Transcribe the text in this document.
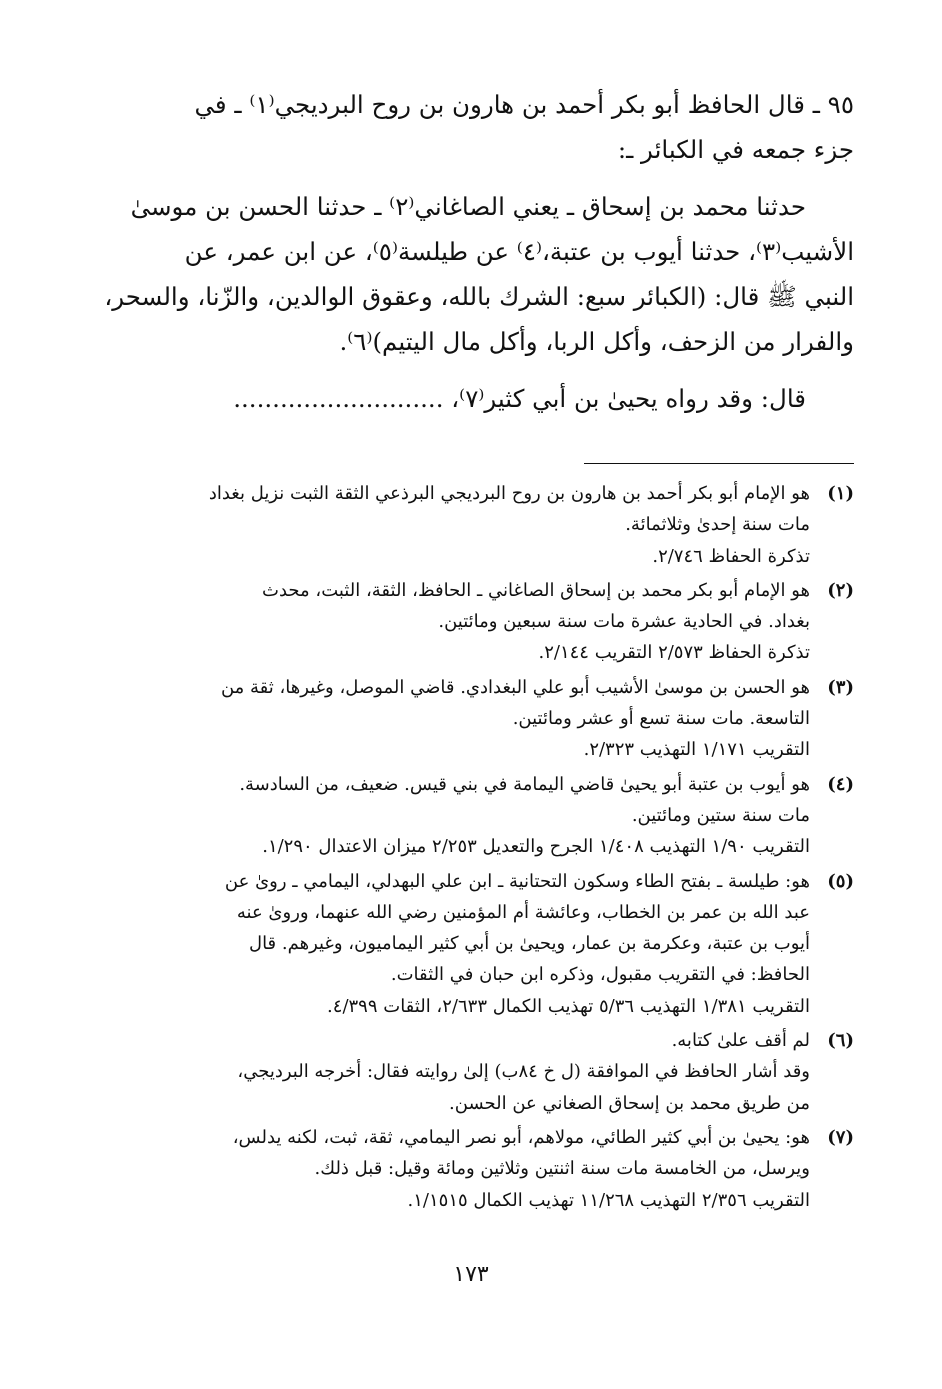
٩٥ ـ قال الحافظ أبو بكر أحمد بن هارون بن روح البرديجي⁽١⁾ ـ في
جزء جمعه في الكبائر ـ:

حدثنا محمد بن إسحاق ـ يعني الصاغاني⁽٢⁾ ـ حدثنا الحسن بن موسىٰ
الأشيب⁽٣⁾، حدثنا أيوب بن عتبة،⁽٤⁾ عن طيلسة⁽٥⁾، عن ابن عمر، عن
النبي ﷺ قال: (الكبائر سبع: الشرك بالله، وعقوق الوالدين، والزّنا، والسحر،
والفرار من الزحف، وأكل الربا، وأكل مال اليتيم)⁽٦⁾.

قال: وقد رواه يحيىٰ بن أبي كثير⁽٧⁾، ...........................

(١)
هو الإمام أبو بكر أحمد بن هارون بن روح البرديجي البرذعي الثقة الثبت نزيل بغداد
مات سنة إحدىٰ وثلاثمائة.
تذكرة الحفاظ ٢/٧٤٦.
(٢)
هو الإمام أبو بكر محمد بن إسحاق الصاغاني ـ الحافظ، الثقة، الثبت، محدث
بغداد. في الحادية عشرة مات سنة سبعين ومائتين.
تذكرة الحفاظ ٢/٥٧٣ التقريب ٢/١٤٤.
(٣)
هو الحسن بن موسىٰ الأشيب أبو علي البغدادي. قاضي الموصل، وغيرها، ثقة من
التاسعة. مات سنة تسع أو عشر ومائتين.
التقريب ١/١٧١ التهذيب ٢/٣٢٣.
(٤)
هو أيوب بن عتبة أبو يحيىٰ قاضي اليمامة في بني قيس. ضعيف، من السادسة.
مات سنة ستين ومائتين.
التقريب ١/٩٠ التهذيب ١/٤٠٨ الجرح والتعديل ٢/٢٥٣ ميزان الاعتدال ١/٢٩٠.
(٥)
هو: طيلسة ـ بفتح الطاء وسكون التحتانية ـ ابن علي البهدلي، اليمامي ـ روىٰ عن
عبد الله بن عمر بن الخطاب، وعائشة أم المؤمنين رضي الله عنهما، وروىٰ عنه
أيوب بن عتبة، وعكرمة بن عمار، ويحيىٰ بن أبي كثير اليماميون، وغيرهم. قال
الحافظ: في التقريب مقبول، وذكره ابن حبان في الثقات.
التقريب ١/٣٨١ التهذيب ٥/٣٦ تهذيب الكمال ٢/٦٣٣، الثقات ٤/٣٩٩.
(٦)
لم أقف علىٰ كتابه.
وقد أشار الحافظ في الموافقة (ل خ ٨٤ب) إلىٰ روايته فقال: أخرجه البرديجي،
من طريق محمد بن إسحاق الصغاني عن الحسن.
(٧)
هو: يحيىٰ بن أبي كثير الطائي، مولاهم، أبو نصر اليمامي، ثقة، ثبت، لكنه يدلس،
ويرسل، من الخامسة مات سنة اثنتين وثلاثين ومائة وقيل: قبل ذلك.
التقريب ٢/٣٥٦ التهذيب ١١/٢٦٨ تهذيب الكمال ١/١٥١٥.
١٧٣
